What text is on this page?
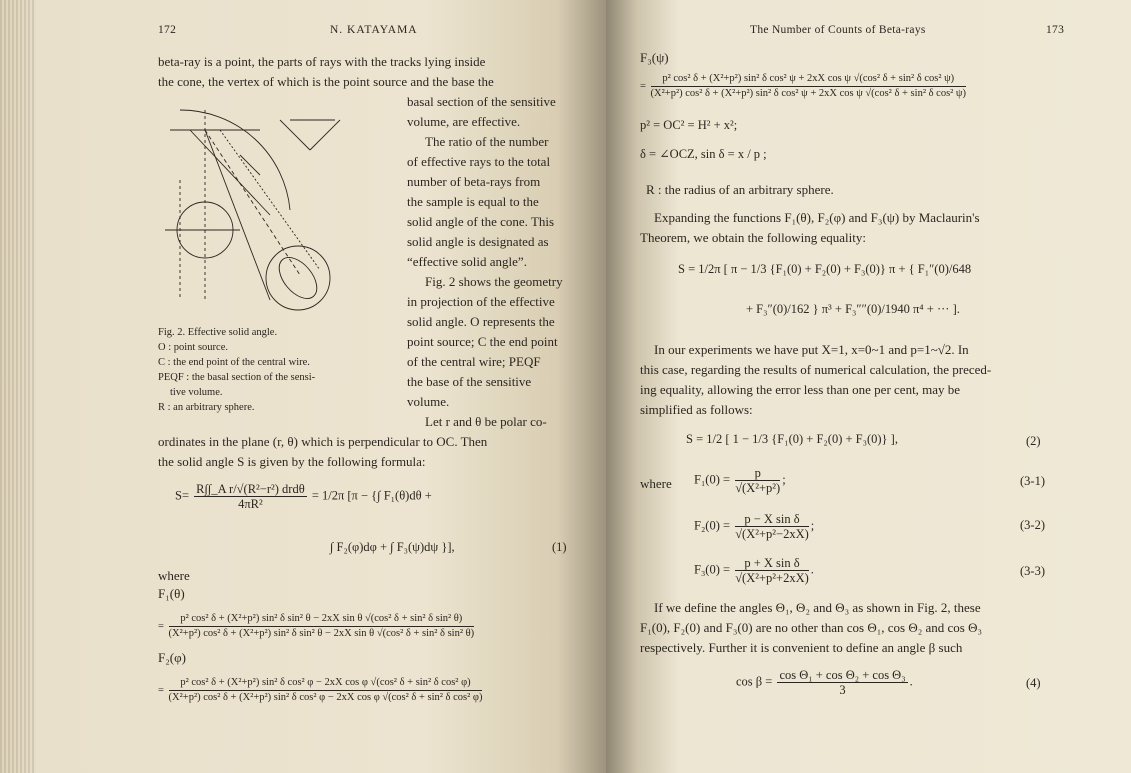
172	N. KATAYAMA
beta-ray is a point, the parts of rays with the tracks lying inside
the cone, the vertex of which is the point source and the base the
Fig. 2. Effective solid angle.
O : point source.
C : the end point of the central wire.
PEQF : the basal section of the sensi-
tive volume.
R : an arbitrary sphere.
basal section of the sensitive
volume, are effective.
The ratio of the number
of effective rays to the total
number of beta-rays from
the sample is equal to the
solid angle of the cone. This
solid angle is designated as
“effective solid angle”.
Fig. 2 shows the geometry
in projection of the effective
solid angle. O represents the
point source; C the end point
of the central wire; PEQF
the base of the sensitive
volume.
Let r and θ be polar co-
ordinates in the plane (r, θ) which is perpendicular to OC. Then
the solid angle S is given by the following formula:
$S= \frac{\text{R∫∫\_A r/√(R²−r²) drdθ}}{\text{4πR²}} = 1/2\pi$ [π − {∫ F₁(θ)dθ +
∫ F₂(φ)dφ + ∫ F₃(ψ)dψ }],	(1)
where
F₁(θ)
=
p² cos² δ + (X²+p²) sin² δ sin² θ − 2xX sin θ √(cos² δ + sin² δ sin² θ)
(X²+p²) cos² δ + (X²+p²) sin² δ sin² θ − 2xX sin θ √(cos² δ + sin² δ sin² θ)
F₂(φ)
=
p² cos² δ + (X²+p²) sin² δ cos² φ − 2xX cos φ √(cos² δ + sin² δ cos² φ)
(X²+p²) cos² δ + (X²+p²) sin² δ cos² φ − 2xX cos φ √(cos² δ + sin² δ cos² φ)
The Number of Counts of Beta-rays	173
F₃(ψ)
=
p² cos² δ + (X²+p²) sin² δ cos² ψ + 2xX cos ψ √(cos² δ + sin² δ cos² ψ)
(X²+p²) cos² δ + (X²+p²) sin² δ cos² ψ + 2xX cos ψ √(cos² δ + sin² δ cos² ψ)
p² = OC² = H² + x²;
δ = ∠OCZ, sin δ = x / p ;
R : the radius of an arbitrary sphere.
Expanding the functions F₁(θ), F₂(φ) and F₃(ψ) by Maclaurin's
Theorem, we obtain the following equality:
S = 1/2π [ π − 1/3 {F₁(0) + F₂(0) + F₃(0)} π + { F₁″(0)/648
+ F₃″(0)/162 } π³ + F₃″″(0)/1940 π⁴ + ··· ].
In our experiments we have put X=1, x=0~1 and p=1~√2. In
this case, regarding the results of numerical calculation, the preced-
ing equality, allowing the error less than one per cent, may be
simplified as follows:
S = 1/2 [ 1 − 1/3 {F₁(0) + F₂(0) + F₃(0)} ],	(2)
where $F_1(0) = \frac{p}{\text{√(X²+p²)}}$ ;	(3-1)
$F_2(0) = \frac{\text{p − X sin δ}}{\text{√(X²+p²−2xX)}}$ ;	(3-2)
$F_3(0) = \frac{\text{p + X sin δ}}{\text{√(X²+p²+2xX)}}$ .	(3-3)
If we define the angles Θ₁, Θ₂ and Θ₃ as shown in Fig. 2, these
F₁(0), F₂(0) and F₃(0) are no other than cos Θ₁, cos Θ₂ and cos Θ₃
respectively. Further it is convenient to define an angle β such
$\cos \beta = \frac{\text{cos Θ₁ + cos Θ₂ + cos Θ₃}}{3}$ .	(4)
